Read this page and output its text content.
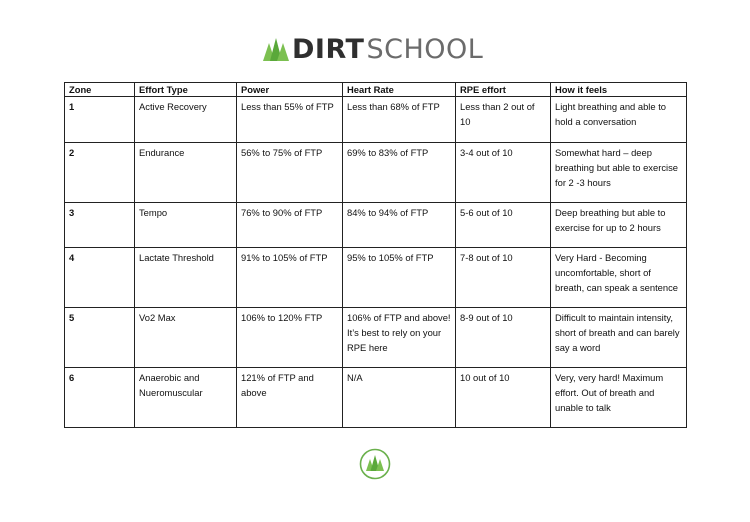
DIRT SCHOOL
Zone	Effort Type	Power	Heart Rate	RPE effort	How it feels
1	Active Recovery	Less than 55% of FTP	Less than 68% of FTP	Less than 2 out of 10	Light breathing and able to hold a conversation
2	Endurance	56% to 75% of FTP	69% to 83% of FTP	3-4 out of 10	Somewhat hard – deep breathing but able to exercise for 2 -3 hours
3	Tempo	76% to 90% of FTP	84% to 94% of FTP	5-6 out of 10	Deep breathing but able to exercise for up to 2 hours
4	Lactate Threshold	91% to 105% of FTP	95% to 105% of FTP	7-8 out of 10	Very Hard - Becoming uncomfortable, short of breath, can speak a sentence
5	Vo2 Max	106% to 120% FTP	106% of FTP and above! It’s best to rely on your RPE here	8-9 out of 10	Difficult to maintain intensity, short of breath and can barely say a word
6	Anaerobic and Nueromuscular	121% of FTP and above	N/A	10 out of 10	Very, very hard! Maximum effort. Out of breath and unable to talk
